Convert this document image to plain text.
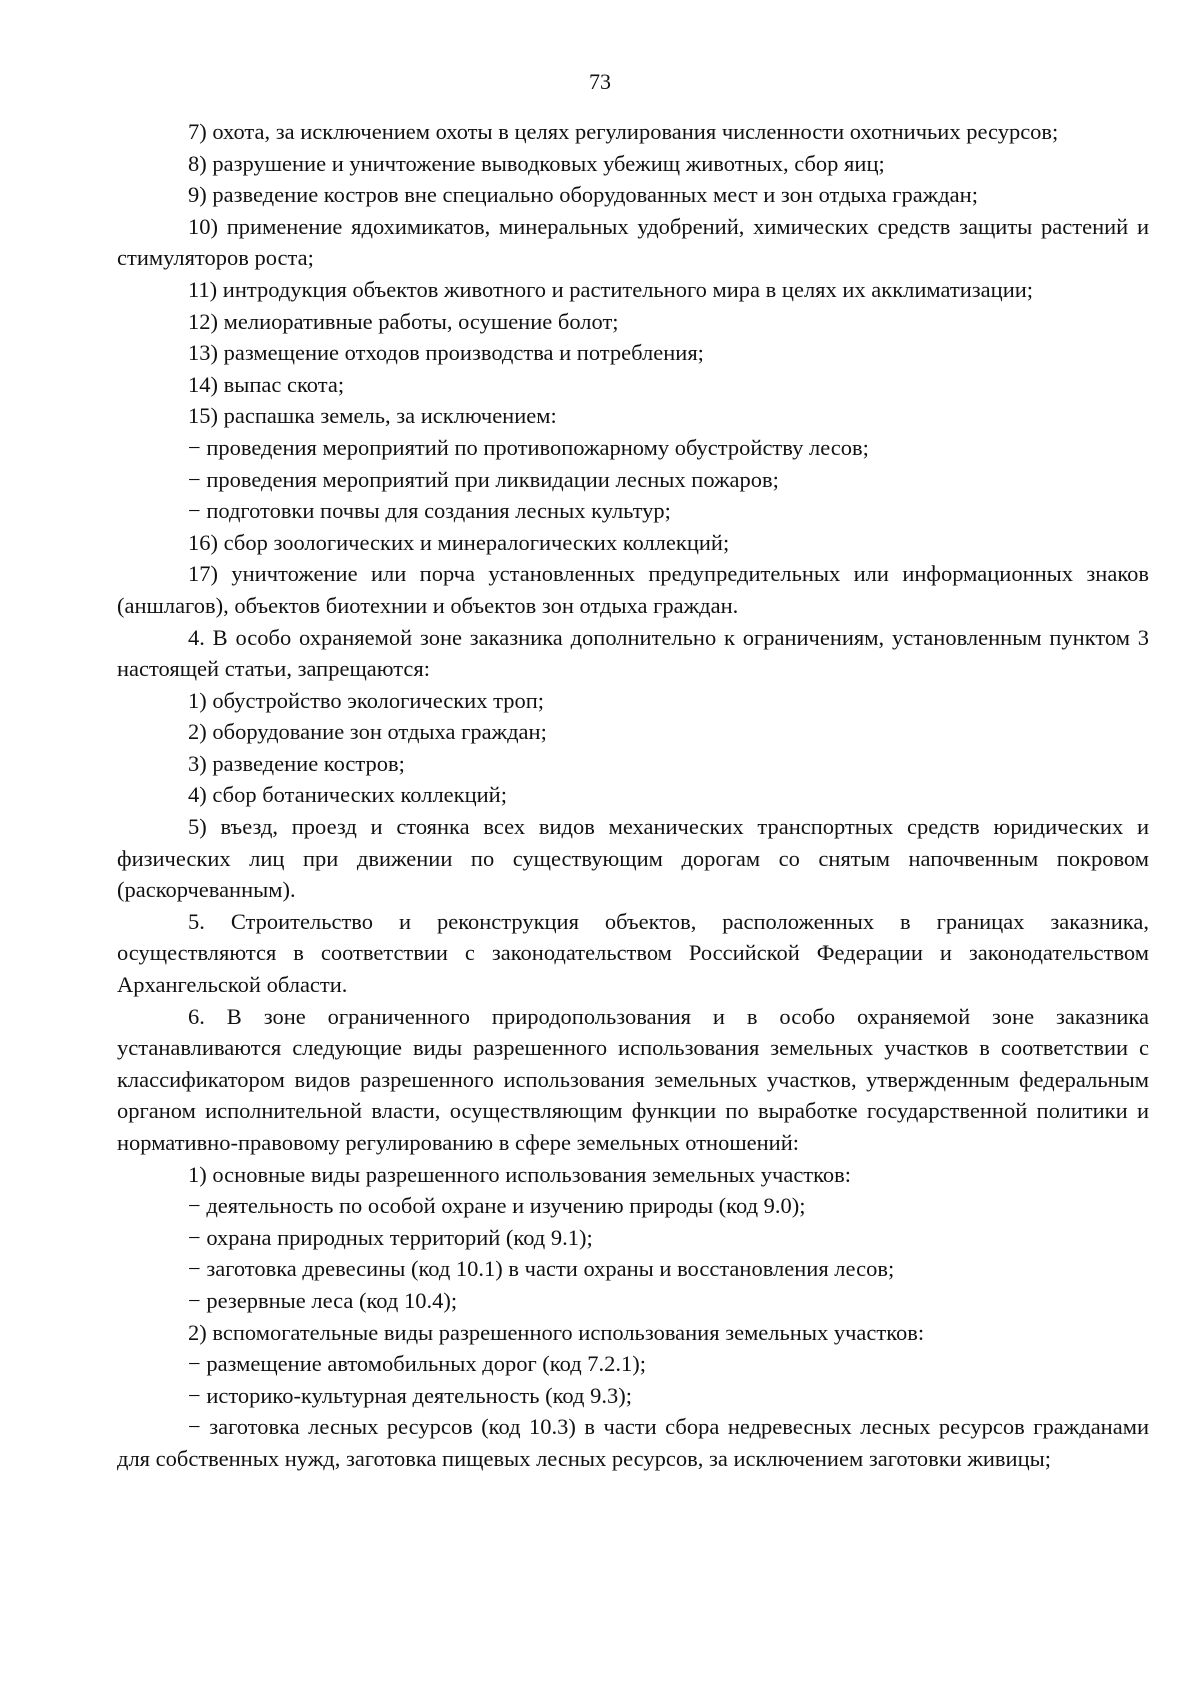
73

7) охота, за исключением охоты в целях регулирования численности охотничьих ресурсов;

8) разрушение и уничтожение выводковых убежищ животных, сбор яиц;

9) разведение костров вне специально оборудованных мест и зон отдыха граждан;

10) применение ядохимикатов, минеральных удобрений, химических средств защиты растений и стимуляторов роста;

11) интродукция объектов животного и растительного мира в целях их акклиматизации;

12) мелиоративные работы, осушение болот;

13) размещение отходов производства и потребления;

14) выпас скота;

15) распашка земель, за исключением:

− проведения мероприятий по противопожарному обустройству лесов;

− проведения мероприятий при ликвидации лесных пожаров;

− подготовки почвы для создания лесных культур;

16) сбор зоологических и минералогических коллекций;

17) уничтожение или порча установленных предупредительных или информационных знаков (аншлагов), объектов биотехнии и объектов зон отдыха граждан.

4. В особо охраняемой зоне заказника дополнительно к ограничениям, установленным пунктом 3 настоящей статьи, запрещаются:

1) обустройство экологических троп;

2) оборудование зон отдыха граждан;

3) разведение костров;

4) сбор ботанических коллекций;

5) въезд, проезд и стоянка всех видов механических транспортных средств юридических и физических лиц при движении по существующим дорогам со снятым напочвенным покровом (раскорчеванным).

5. Строительство и реконструкция объектов, расположенных в границах заказника, осуществляются в соответствии с законодательством Российской Федерации и законодательством Архангельской области.

6. В зоне ограниченного природопользования и в особо охраняемой зоне заказника устанавливаются следующие виды разрешенного использования земельных участков в соответствии с классификатором видов разрешенного использования земельных участков, утвержденным федеральным органом исполнительной власти, осуществляющим функции по выработке государственной политики и нормативно-правовому регулированию в сфере земельных отношений:

1) основные виды разрешенного использования земельных участков:

− деятельность по особой охране и изучению природы (код 9.0);

− охрана природных территорий (код 9.1);

− заготовка древесины (код 10.1) в части охраны и восстановления лесов;

− резервные леса (код 10.4);

2) вспомогательные виды разрешенного использования земельных участков:

− размещение автомобильных дорог (код 7.2.1);

− историко-культурная деятельность (код 9.3);

− заготовка лесных ресурсов (код 10.3) в части сбора недревесных лесных ресурсов гражданами для собственных нужд, заготовка пищевых лесных ресурсов, за исключением заготовки живицы;
